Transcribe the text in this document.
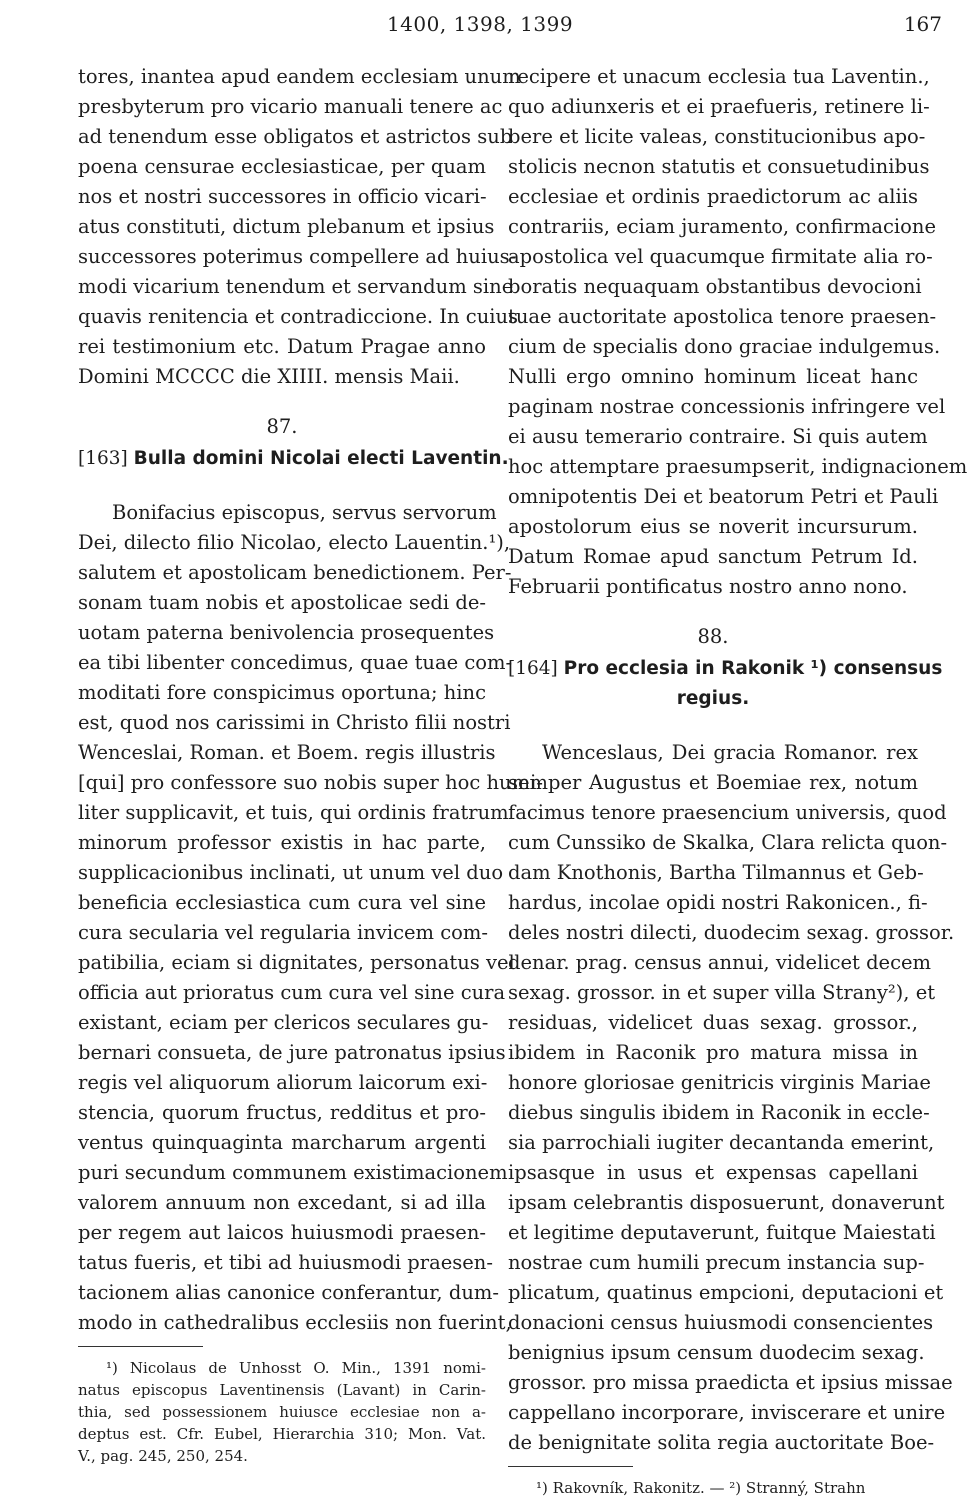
1400, 1398, 1399	167
tores, inantea apud eandem ecclesiam unum
presbyterum pro vicario manuali tenere ac
ad tenendum esse obligatos et astrictos sub
poena censurae ecclesiasticae, per quam
nos et nostri successores in officio vicari-
atus constituti, dictum plebanum et ipsius
successores poterimus compellere ad huius-
modi vicarium tenendum et servandum sine
quavis renitencia et contradiccione. In cuius
rei testimonium etc. Datum Pragae anno
Domini MCCCC die XIIII. mensis Maii.
87.
[163] Bulla domini Nicolai electi Laventin.
Bonifacius episcopus, servus servorum
Dei, dilecto filio Nicolao, electo Lauentin.¹),
salutem et apostolicam benedictionem. Per-
sonam tuam nobis et apostolicae sedi de-
uotam paterna benivolencia prosequentes
ea tibi libenter concedimus, quae tuae com-
moditati fore conspicimus oportuna; hinc
est, quod nos carissimi in Christo filii nostri
Wenceslai, Roman. et Boem. regis illustris
[qui] pro confessore suo nobis super hoc humi-
liter supplicavit, et tuis, qui ordinis fratrum
minorum professor existis in hac parte,
supplicacionibus inclinati, ut unum vel duo
beneficia ecclesiastica cum cura vel sine
cura secularia vel regularia invicem com-
patibilia, eciam si dignitates, personatus vel
officia aut prioratus cum cura vel sine cura
existant, eciam per clericos seculares gu-
bernari consueta, de jure patronatus ipsius
regis vel aliquorum aliorum laicorum exi-
stencia, quorum fructus, redditus et pro-
ventus quinquaginta marcharum argenti
puri secundum communem existimacionem
valorem annuum non excedant, si ad illa
per regem aut laicos huiusmodi praesen-
tatus fueris, et tibi ad huiusmodi praesen-
tacionem alias canonice conferantur, dum-
modo in cathedralibus ecclesiis non fuerint,
¹) Nicolaus de Unhosst O. Min., 1391 nomi-
natus episcopus Laventinensis (Lavant) in Carin-
thia, sed possessionem huiusce ecclesiae non a-
deptus est. Cfr. Eubel, Hierarchia 310; Mon. Vat.
V., pag. 245, 250, 254.
recipere et unacum ecclesia tua Laventin.,
quo adiunxeris et ei praefueris, retinere li-
bere et licite valeas, constitucionibus apo-
stolicis necnon statutis et consuetudinibus
ecclesiae et ordinis praedictorum ac aliis
contrariis, eciam juramento, confirmacione
apostolica vel quacumque firmitate alia ro-
boratis nequaquam obstantibus devocioni
tuae auctoritate apostolica tenore praesen-
cium de specialis dono graciae indulgemus.
Nulli ergo omnino hominum liceat hanc
paginam nostrae concessionis infringere vel
ei ausu temerario contraire. Si quis autem
hoc attemptare praesumpserit, indignacionem
omnipotentis Dei et beatorum Petri et Pauli
apostolorum eius se noverit incursurum.
Datum Romae apud sanctum Petrum Id.
Februarii pontificatus nostro anno nono.
88.
[164] Pro ecclesia in Rakonik ¹) consensus
regius.
Wenceslaus, Dei gracia Romanor. rex
semper Augustus et Boemiae rex, notum
facimus tenore praesencium universis, quod
cum Cunssiko de Skalka, Clara relicta quon-
dam Knothonis, Bartha Tilmannus et Geb-
hardus, incolae opidi nostri Rakonicen., fi-
deles nostri dilecti, duodecim sexag. grossor.
denar. prag. census annui, videlicet decem
sexag. grossor. in et super villa Strany²), et
residuas, videlicet duas sexag. grossor.,
ibidem in Raconik pro matura missa in
honore gloriosae genitricis virginis Mariae
diebus singulis ibidem in Raconik in eccle-
sia parrochiali iugiter decantanda emerint,
ipsasque in usus et expensas capellani
ipsam celebrantis disposuerunt, donaverunt
et legitime deputaverunt, fuitque Maiestati
nostrae cum humili precum instancia sup-
plicatum, quatinus empcioni, deputacioni et
donacioni census huiusmodi consencientes
benignius ipsum censum duodecim sexag.
grossor. pro missa praedicta et ipsius missae
cappellano incorporare, inviscerare et unire
de benignitate solita regia auctoritate Boe-
¹) Rakovník, Rakonitz. — ²) Stranný, Strahn
